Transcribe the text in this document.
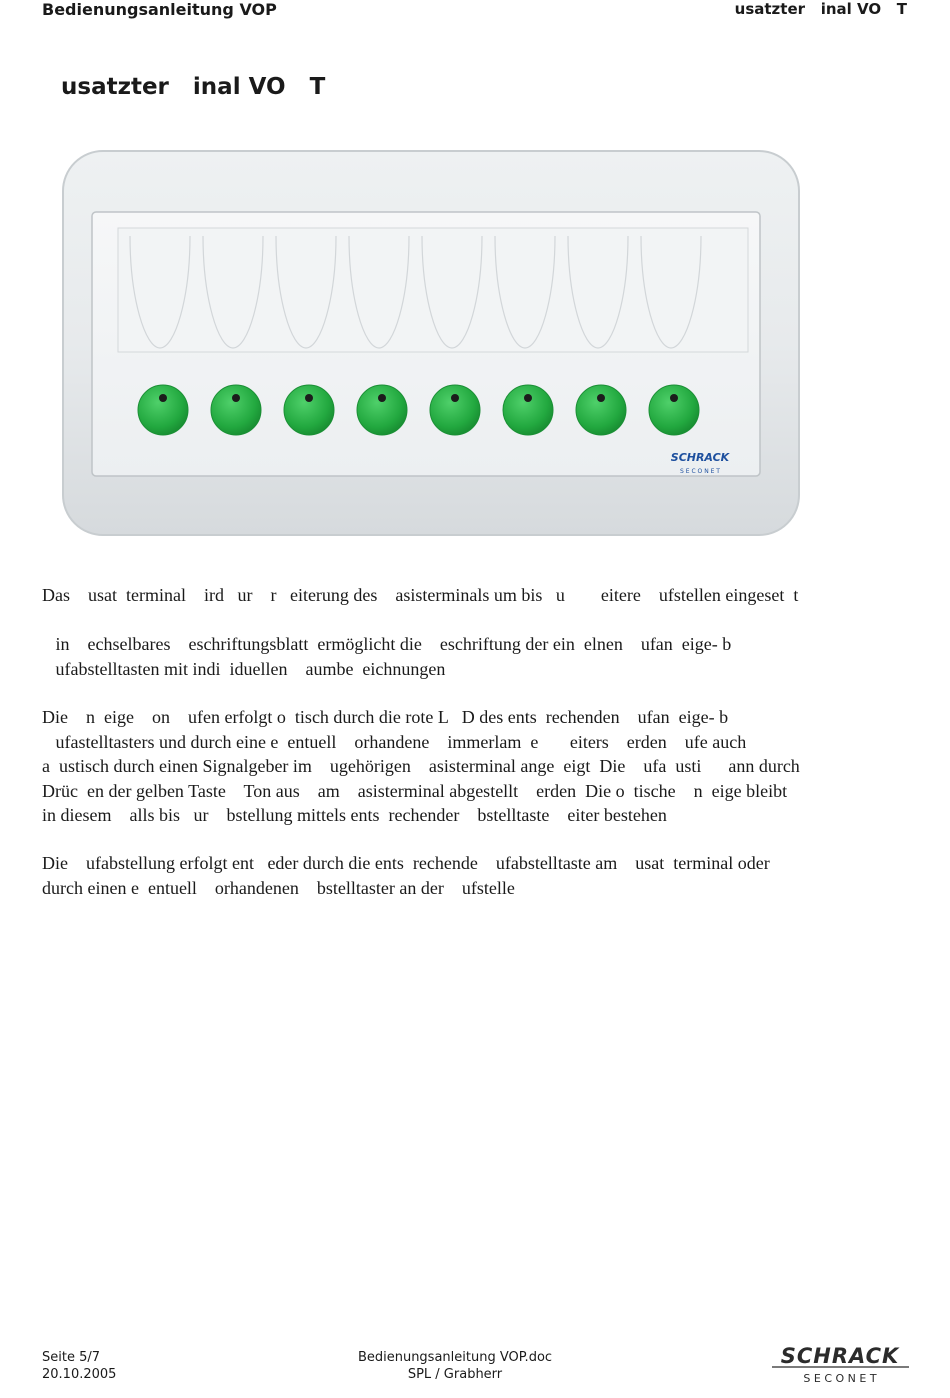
Bedienungsanleitung VOP	usatzter   inal VO   T
usatzter   inal VO   T
SCHRACK
S E C O N E T

Das    usat  terminal    ird   ur    r   eiterung des    asisterminals um bis   u        eitere    ufstellen eingeset  t

in    echselbares    eschriftungsblatt  ermöglicht die    eschriftung der ein  elnen    ufan  eige- b
ufabstelltasten mit indi  iduellen    aumbe  eichnungen

Die    n  eige    on    ufen erfolgt o  tisch durch die rote L   D des ents  rechenden    ufan  eige- b
ufastelltasters und durch eine e  entuell    orhandene    immerlam  e       eiters    erden    ufe auch
a  ustisch durch einen Signalgeber im    ugehörigen    asisterminal ange  eigt  Die    ufa  usti      ann durch
Drüc  en der gelben Taste    Ton aus    am    asisterminal abgestellt    erden  Die o  tische    n  eige bleibt
in diesem    alls bis   ur    bstellung mittels ents  rechender    bstelltaste    eiter bestehen

Die    ufabstellung erfolgt ent   eder durch die ents  rechende    ufabstelltaste am    usat  terminal oder
durch einen e  entuell    orhandenen    bstelltaster an der    ufstelle

Seite 5/7
20.10.2005
Bedienungsanleitung VOP.doc
SPL / Grabherr
SCHRACK
S E C O N E T
